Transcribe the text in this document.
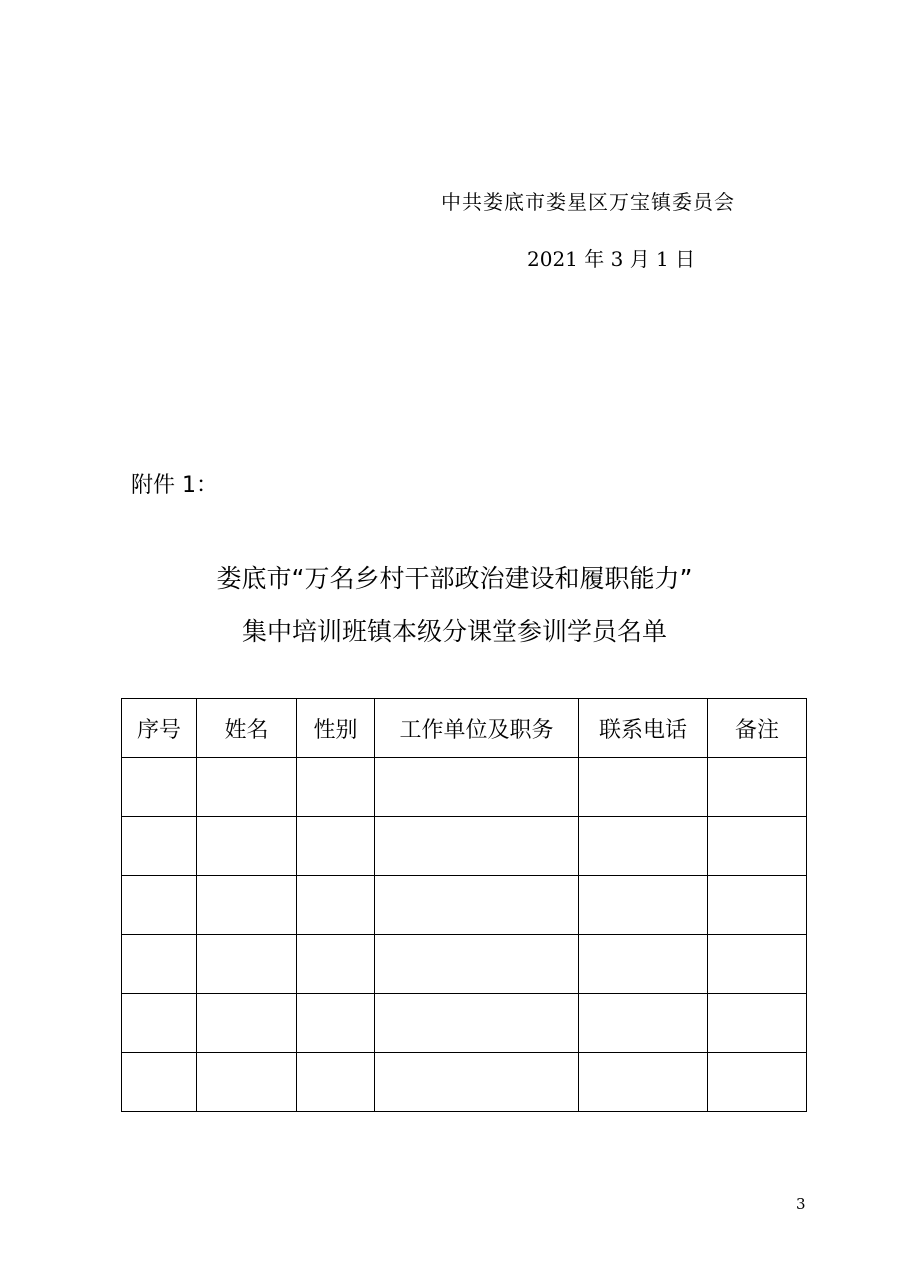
中共娄底市娄星区万宝镇委员会
2021 年 3 月 1 日
附件 1：
娄底市“万名乡村干部政治建设和履职能力”
集中培训班镇本级分课堂参训学员名单
序号	姓名	性别	工作单位及职务	联系电话	备注

3
